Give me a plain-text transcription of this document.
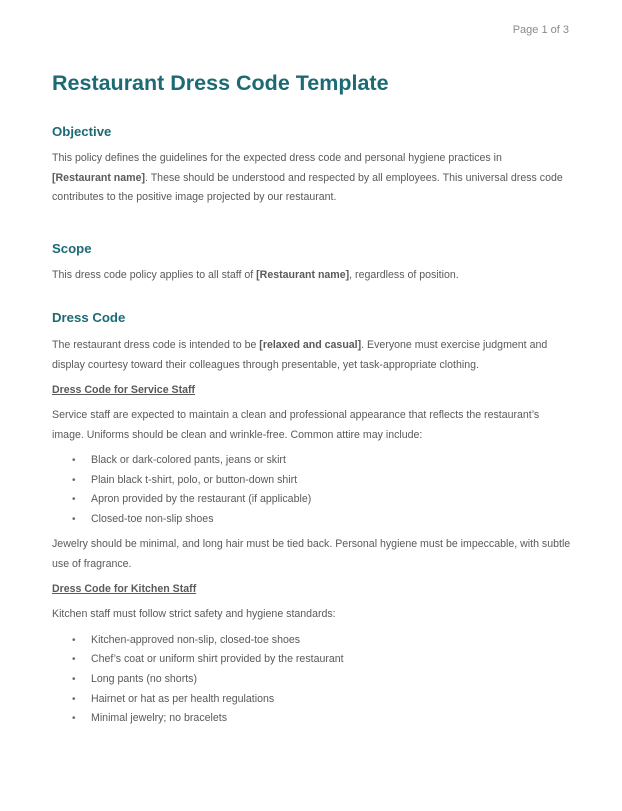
Page 1 of 3
Restaurant Dress Code Template
Objective

This policy defines the guidelines for the expected dress code and personal hygiene practices in
[Restaurant name]. These should be understood and respected by all employees. This universal dress code contributes to the positive image projected by our restaurant.

Scope

This dress code policy applies to all staff of [Restaurant name], regardless of position.

Dress Code

The restaurant dress code is intended to be [relaxed and casual]. Everyone must exercise judgment and display courtesy toward their colleagues through presentable, yet task-appropriate clothing.

Dress Code for Service Staff

Service staff are expected to maintain a clean and professional appearance that reflects the restaurant’s image. Uniforms should be clean and wrinkle-free. Common attire may include:

• Black or dark-colored pants, jeans or skirt
• Plain black t-shirt, polo, or button-down shirt
• Apron provided by the restaurant (if applicable)
• Closed-toe non-slip shoes

Jewelry should be minimal, and long hair must be tied back. Personal hygiene must be impeccable, with subtle use of fragrance.

Dress Code for Kitchen Staff

Kitchen staff must follow strict safety and hygiene standards:

• Kitchen-approved non-slip, closed-toe shoes
• Chef’s coat or uniform shirt provided by the restaurant
• Long pants (no shorts)
• Hairnet or hat as per health regulations
• Minimal jewelry; no bracelets
